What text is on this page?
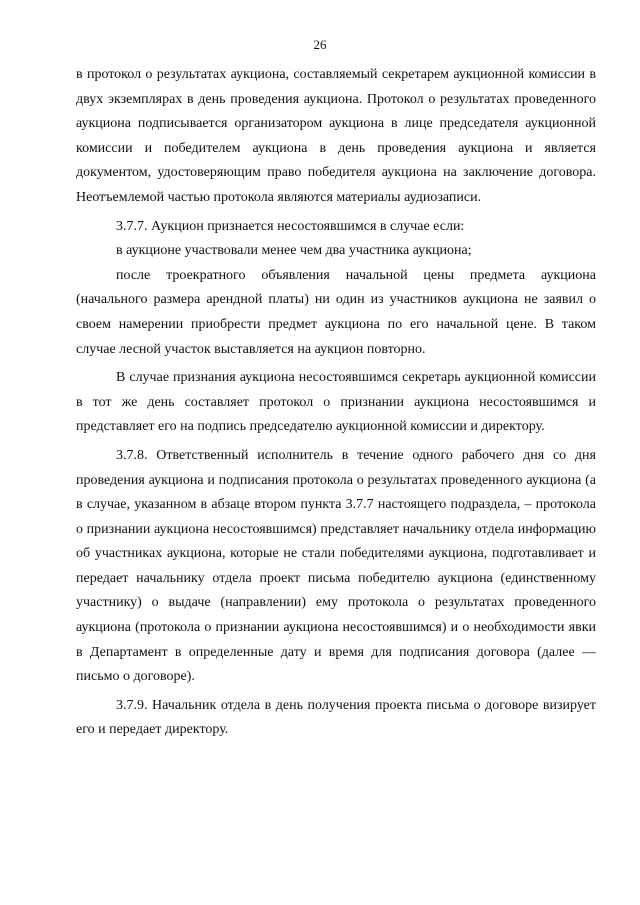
26

в протокол о результатах аукциона, составляемый секретарем аукционной комиссии в двух экземплярах в день проведения аукциона. Протокол о результатах проведенного аукциона подписывается организатором аукциона в лице председателя аукционной комиссии и победителем аукциона в день проведения аукциона и является документом, удостоверяющим право победителя аукциона на заключение договора. Неотъемлемой частью протокола являются материалы аудиозаписи.

3.7.7. Аукцион признается несостоявшимся в случае если:

в аукционе участвовали менее чем два участника аукциона;

после троекратного объявления начальной цены предмета аукциона (начального размера арендной платы) ни один из участников аукциона не заявил о своем намерении приобрести предмет аукциона по его начальной цене. В таком случае лесной участок выставляется на аукцион повторно.

В случае признания аукциона несостоявшимся секретарь аукционной комиссии в тот же день составляет протокол о признании аукциона несостоявшимся и представляет его на подпись председателю аукционной комиссии и директору.

3.7.8. Ответственный исполнитель в течение одного рабочего дня со дня проведения аукциона и подписания протокола о результатах проведенного аукциона (а в случае, указанном в абзаце втором пункта 3.7.7 настоящего подраздела, – протокола о признании аукциона несостоявшимся) представляет начальнику отдела информацию об участниках аукциона, которые не стали победителями аукциона, подготавливает и передает начальнику отдела проект письма победителю аукциона (единственному участнику) о выдаче (направлении) ему протокола о результатах проведенного аукциона (протокола о признании аукциона несостоявшимся) и о необходимости явки в Департамент в определенные дату и время для подписания договора (далее — письмо о договоре).

3.7.9. Начальник отдела в день получения проекта письма о договоре визирует его и передает директору.
